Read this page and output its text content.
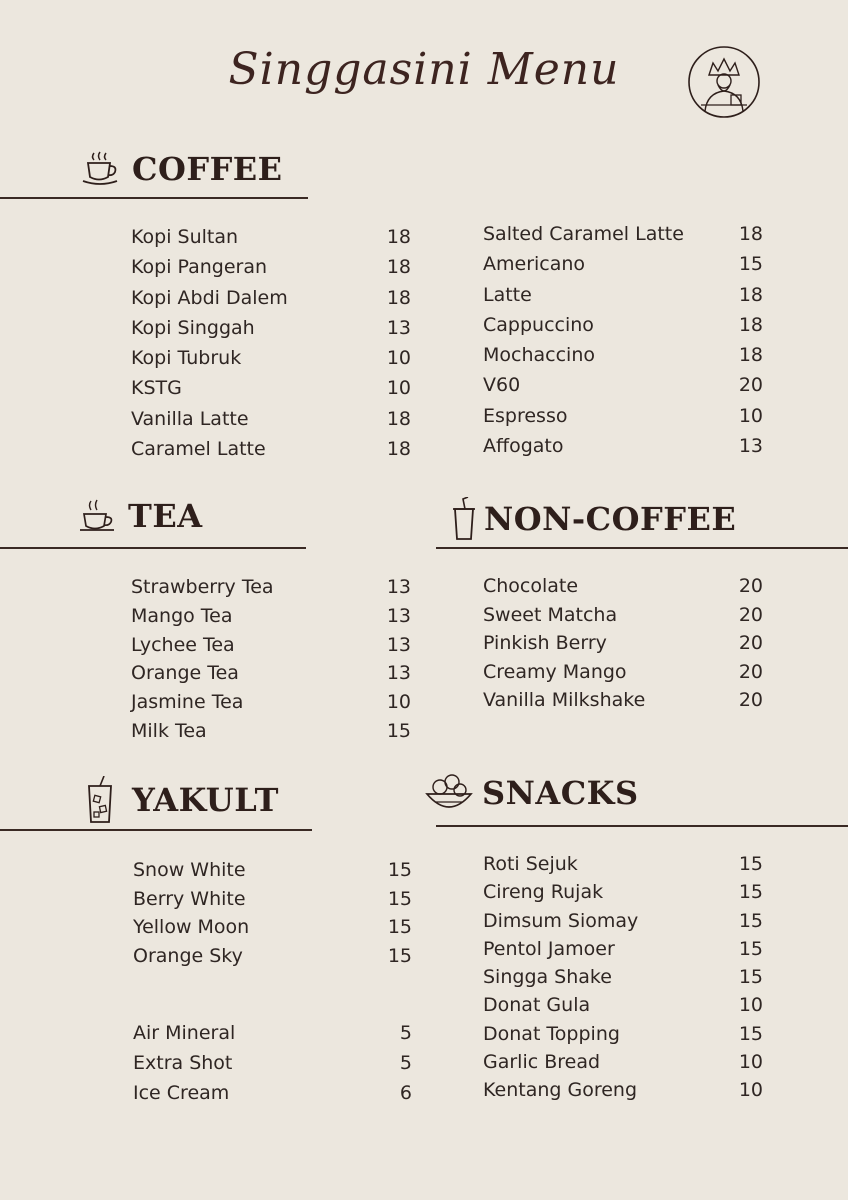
Singgasini Menu
COFFEE
Kopi Sultan	18
Kopi Pangeran	18
Kopi Abdi Dalem	18
Kopi Singgah	13
Kopi Tubruk	10
KSTG	10
Vanilla Latte	18
Caramel Latte	18
Salted Caramel Latte	18
Americano	15
Latte	18
Cappuccino	18
Mochaccino	18
V60	20
Espresso	10
Affogato	13
TEA
Strawberry Tea	13
Mango Tea	13
Lychee Tea	13
Orange Tea	13
Jasmine Tea	10
Milk Tea	15
NON-COFFEE
Chocolate	20
Sweet Matcha	20
Pinkish Berry	20
Creamy Mango	20
Vanilla Milkshake	20
YAKULT
Snow White	15
Berry White	15
Yellow Moon	15
Orange Sky	15
Air Mineral	5
Extra Shot	5
Ice Cream	6
SNACKS
Roti Sejuk	15
Cireng Rujak	15
Dimsum Siomay	15
Pentol Jamoer	15
Singga Shake	15
Donat Gula	10
Donat Topping	15
Garlic Bread	10
Kentang Goreng	10
